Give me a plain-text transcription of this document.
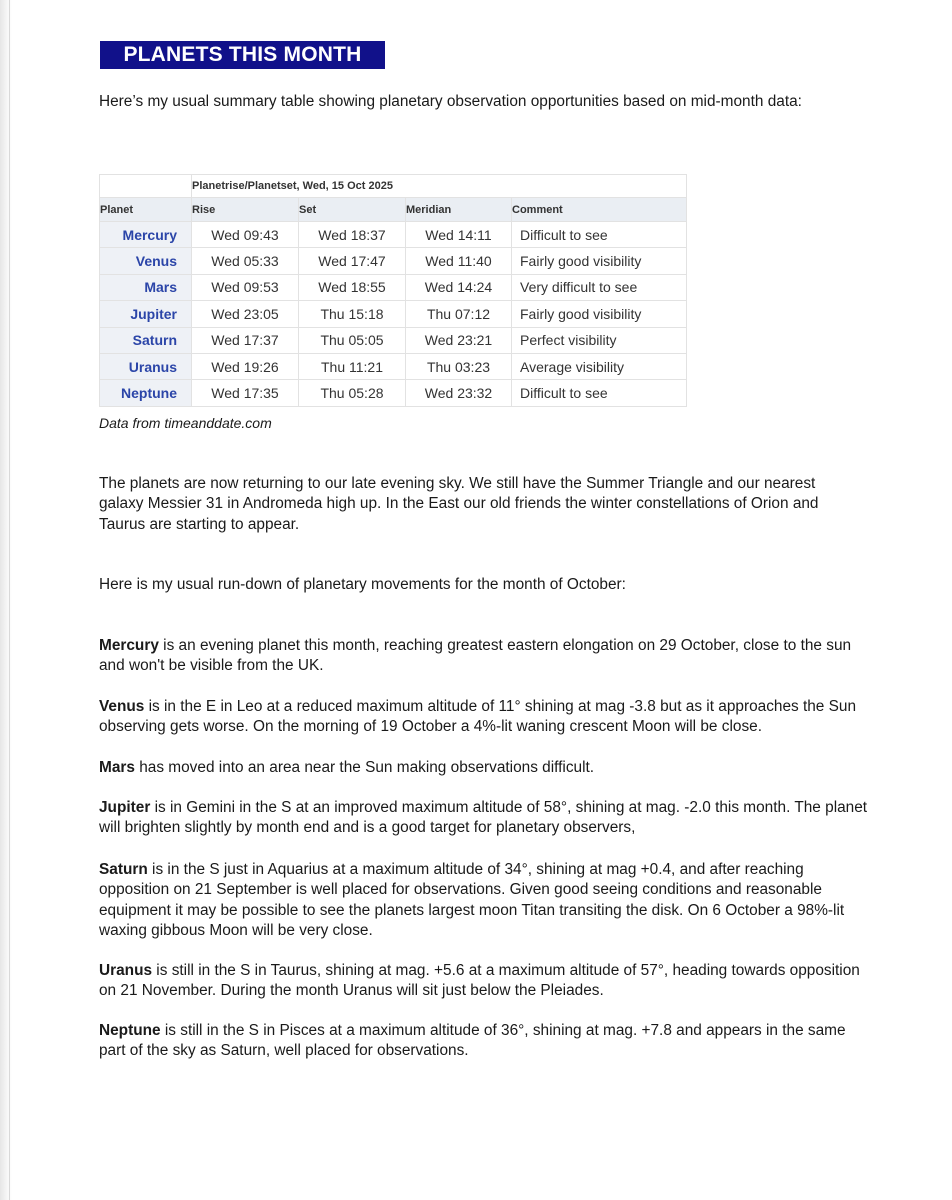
PLANETS THIS MONTH

Here’s my usual summary table showing planetary observation opportunities based on mid-month data:

	Planetrise/Planetset, Wed, 15 Oct 2025			
Planet	Rise	Set	Meridian	Comment
Mercury	Wed 09:43	Wed 18:37	Wed 14:11	Difficult to see
Venus	Wed 05:33	Wed 17:47	Wed 11:40	Fairly good visibility
Mars	Wed 09:53	Wed 18:55	Wed 14:24	Very difficult to see
Jupiter	Wed 23:05	Thu 15:18	Thu 07:12	Fairly good visibility
Saturn	Wed 17:37	Thu 05:05	Wed 23:21	Perfect visibility
Uranus	Wed 19:26	Thu 11:21	Thu 03:23	Average visibility
Neptune	Wed 17:35	Thu 05:28	Wed 23:32	Difficult to see
Data from timeanddate.com

The planets are now returning to our late evening sky. We still have the Summer Triangle and our nearest galaxy Messier 31 in Andromeda high up. In the East our old friends the winter constellations of Orion and Taurus are starting to appear.

Here is my usual run-down of planetary movements for the month of October:

Mercury is an evening planet this month, reaching greatest eastern elongation on 29 October, close to the sun and won't be visible from the UK.

Venus is in the E in Leo at a reduced maximum altitude of 11° shining at mag -3.8 but as it approaches the Sun observing gets worse. On the morning of 19 October a 4%-lit waning crescent Moon will be close.

Mars has moved into an area near the Sun making observations difficult.

Jupiter is in Gemini in the S at an improved maximum altitude of 58°, shining at mag. -2.0 this month. The planet will brighten slightly by month end and is a good target for planetary observers,

Saturn is in the S just in Aquarius at a maximum altitude of 34°, shining at mag +0.4, and after reaching opposition on 21 September is well placed for observations. Given good seeing conditions and reasonable equipment it may be possible to see the planets largest moon Titan transiting the disk. On 6 October a 98%-lit waxing gibbous Moon will be very close.

Uranus is still in the S in Taurus, shining at mag. +5.6 at a maximum altitude of 57°, heading towards opposition on 21 November. During the month Uranus will sit just below the Pleiades.

Neptune is still in the S in Pisces at a maximum altitude of 36°, shining at mag. +7.8 and appears in the same part of the sky as Saturn, well placed for observations.
